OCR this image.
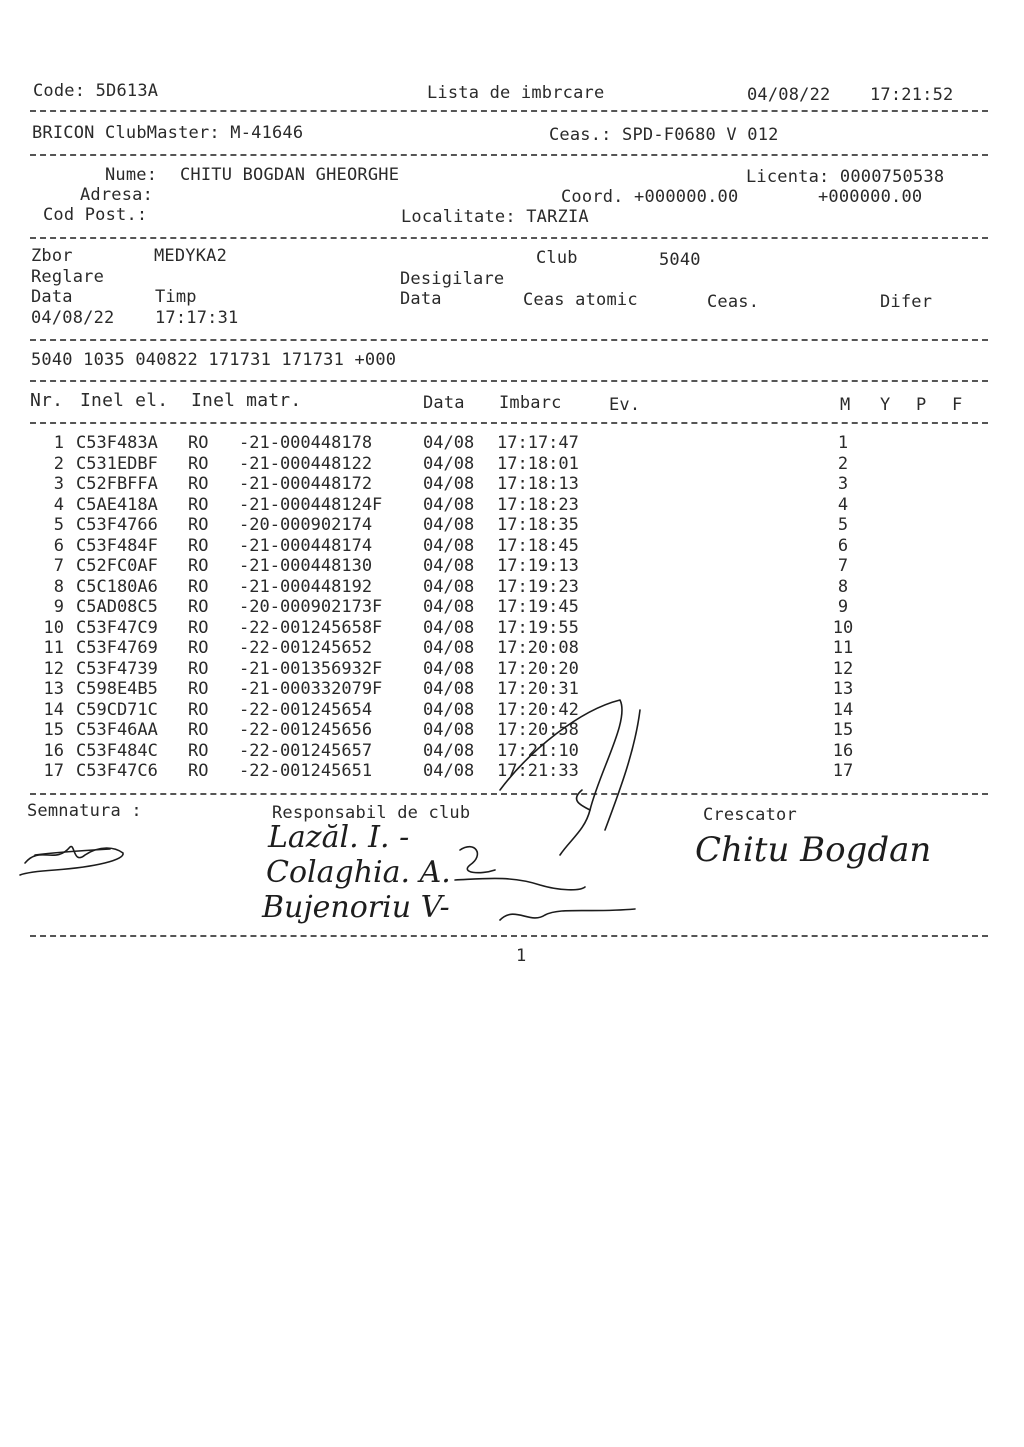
Code: 5D613A	Lista de imbrcare	04/08/22 17:21:52
BRICON ClubMaster: M-41646	Ceas.: SPD-F0680 V 012
Nume: CHITU BOGDAN GHEORGHE	Licenta: 0000750538
Adresa:	Coord. +000000.00	+000000.00
Cod Post.:	Localitate: TARZIA
Zbor	MEDYKA2	Club	5040
Reglare	Desigilare
Data	Timp	Data	Ceas atomic	Ceas.	Difer
04/08/22 17:17:31
5040 1035 040822 171731 171731 +000
Nr. Inel el. Inel matr.	Data Imbarc	Ev.	M Y P F
1 C53F483A RO -21-000448178	04/08 17:17:47	1
2 C531EDBF RO -21-000448122	04/08 17:18:01	2
3 C52FBFFA RO -21-000448172	04/08 17:18:13	3
4 C5AE418A RO -21-000448124F 04/08 17:18:23	4
5 C53F4766 RO -20-000902174	04/08 17:18:35	5
6 C53F484F RO -21-000448174	04/08 17:18:45	6
7 C52FC0AF RO -21-000448130	04/08 17:19:13	7
8 C5C180A6 RO -21-000448192	04/08 17:19:23	8
9 C5AD08C5 RO -20-000902173F 04/08 17:19:45	9
10 C53F47C9 RO -22-001245658F 04/08 17:19:55	10
11 C53F4769 RO -22-001245652	04/08 17:20:08	11
12 C53F4739 RO -21-001356932F 04/08 17:20:20	12
13 C598E4B5 RO -21-000332079F 04/08 17:20:31	13
14 C59CD71C RO -22-001245654	04/08 17:20:42	14
15 C53F46AA RO -22-001245656	04/08 17:20:58	15
16 C53F484C RO -22-001245657	04/08 17:21:10	16
17 C53F47C6 RO -22-001245651	04/08 17:21:33	17
Semnatura :	Responsabil de club	Crescator
Lazăl. I. -
Colaghia. A.
Bujenoriu V-
Chitu Bogdan
1
